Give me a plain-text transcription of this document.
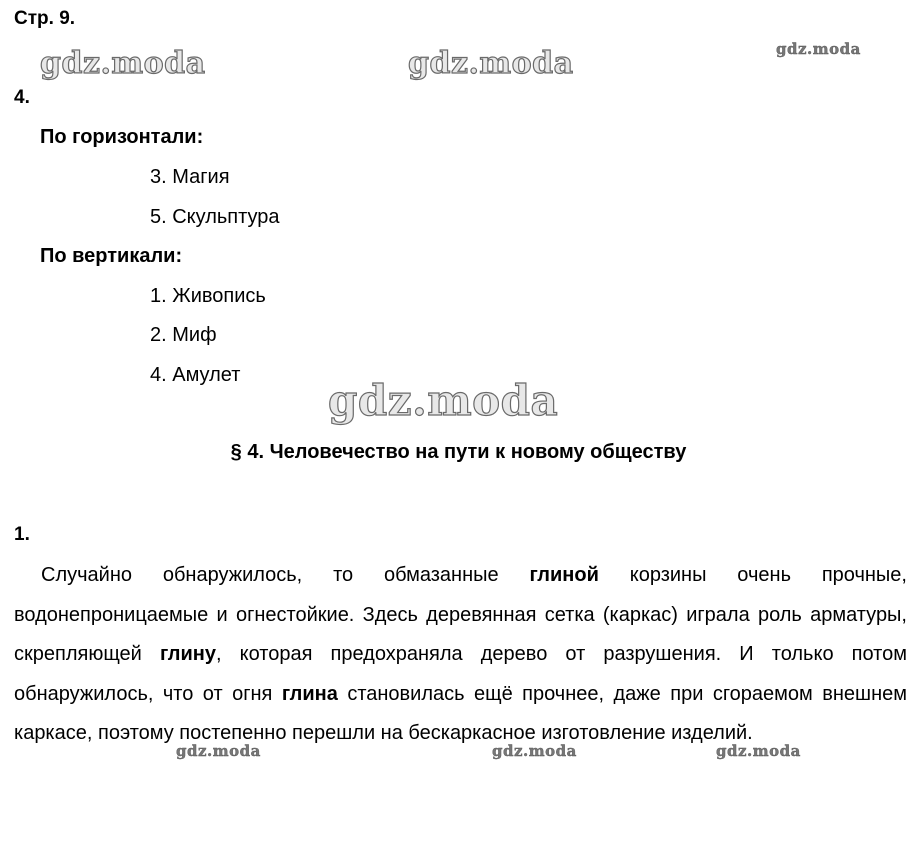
gdz.moda	gdz.moda	gdz.moda
gdz.moda
gdz.moda	gdz.moda	gdz.moda
Стр. 9.
4.
По горизонтали:
3. Магия
5. Скульптура
По вертикали:
1. Живопись
2. Миф
4. Амулет
§ 4. Человечество на пути к новому обществу
1.

Случайно обнаружилось, то обмазанные глиной корзины очень прочные, водонепроницаемые и огнестойкие. Здесь деревянная сетка (каркас) играла роль арматуры, скрепляющей глину, которая предохраняла дерево от разрушения. И только потом обнаружилось, что от огня глина становилась ещё прочнее, даже при сгораемом внешнем каркасе, поэтому постепенно перешли на бескаркасное изготовление изделий.
